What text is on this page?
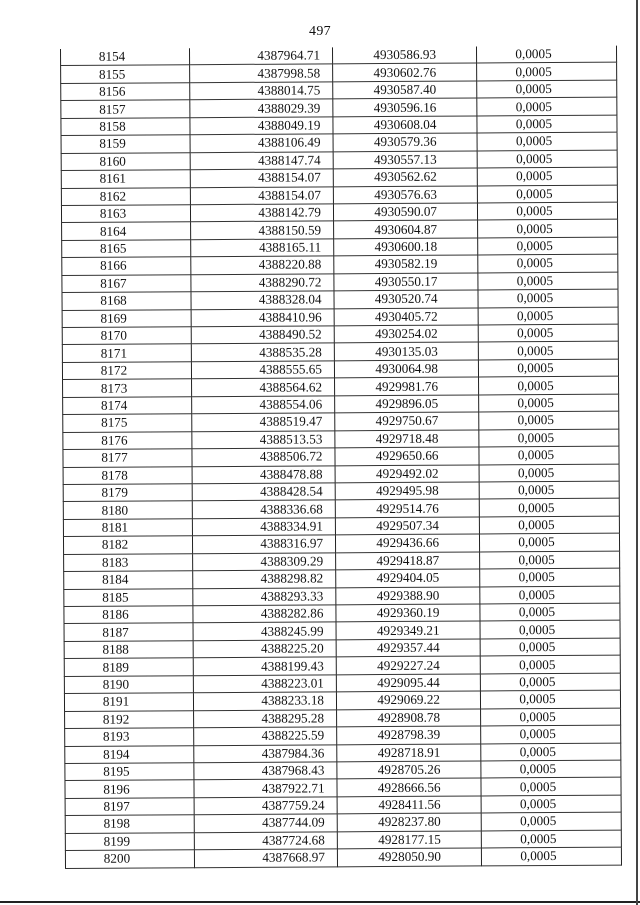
497
8154	4387964.71	4930586.93	0,0005
8155	4387998.58	4930602.76	0,0005
8156	4388014.75	4930587.40	0,0005
8157	4388029.39	4930596.16	0,0005
8158	4388049.19	4930608.04	0,0005
8159	4388106.49	4930579.36	0,0005
8160	4388147.74	4930557.13	0,0005
8161	4388154.07	4930562.62	0,0005
8162	4388154.07	4930576.63	0,0005
8163	4388142.79	4930590.07	0,0005
8164	4388150.59	4930604.87	0,0005
8165	4388165.11	4930600.18	0,0005
8166	4388220.88	4930582.19	0,0005
8167	4388290.72	4930550.17	0,0005
8168	4388328.04	4930520.74	0,0005
8169	4388410.96	4930405.72	0,0005
8170	4388490.52	4930254.02	0,0005
8171	4388535.28	4930135.03	0,0005
8172	4388555.65	4930064.98	0,0005
8173	4388564.62	4929981.76	0,0005
8174	4388554.06	4929896.05	0,0005
8175	4388519.47	4929750.67	0,0005
8176	4388513.53	4929718.48	0,0005
8177	4388506.72	4929650.66	0,0005
8178	4388478.88	4929492.02	0,0005
8179	4388428.54	4929495.98	0,0005
8180	4388336.68	4929514.76	0,0005
8181	4388334.91	4929507.34	0,0005
8182	4388316.97	4929436.66	0,0005
8183	4388309.29	4929418.87	0,0005
8184	4388298.82	4929404.05	0,0005
8185	4388293.33	4929388.90	0,0005
8186	4388282.86	4929360.19	0,0005
8187	4388245.99	4929349.21	0,0005
8188	4388225.20	4929357.44	0,0005
8189	4388199.43	4929227.24	0,0005
8190	4388223.01	4929095.44	0,0005
8191	4388233.18	4929069.22	0,0005
8192	4388295.28	4928908.78	0,0005
8193	4388225.59	4928798.39	0,0005
8194	4387984.36	4928718.91	0,0005
8195	4387968.43	4928705.26	0,0005
8196	4387922.71	4928666.56	0,0005
8197	4387759.24	4928411.56	0,0005
8198	4387744.09	4928237.80	0,0005
8199	4387724.68	4928177.15	0,0005
8200	4387668.97	4928050.90	0,0005
